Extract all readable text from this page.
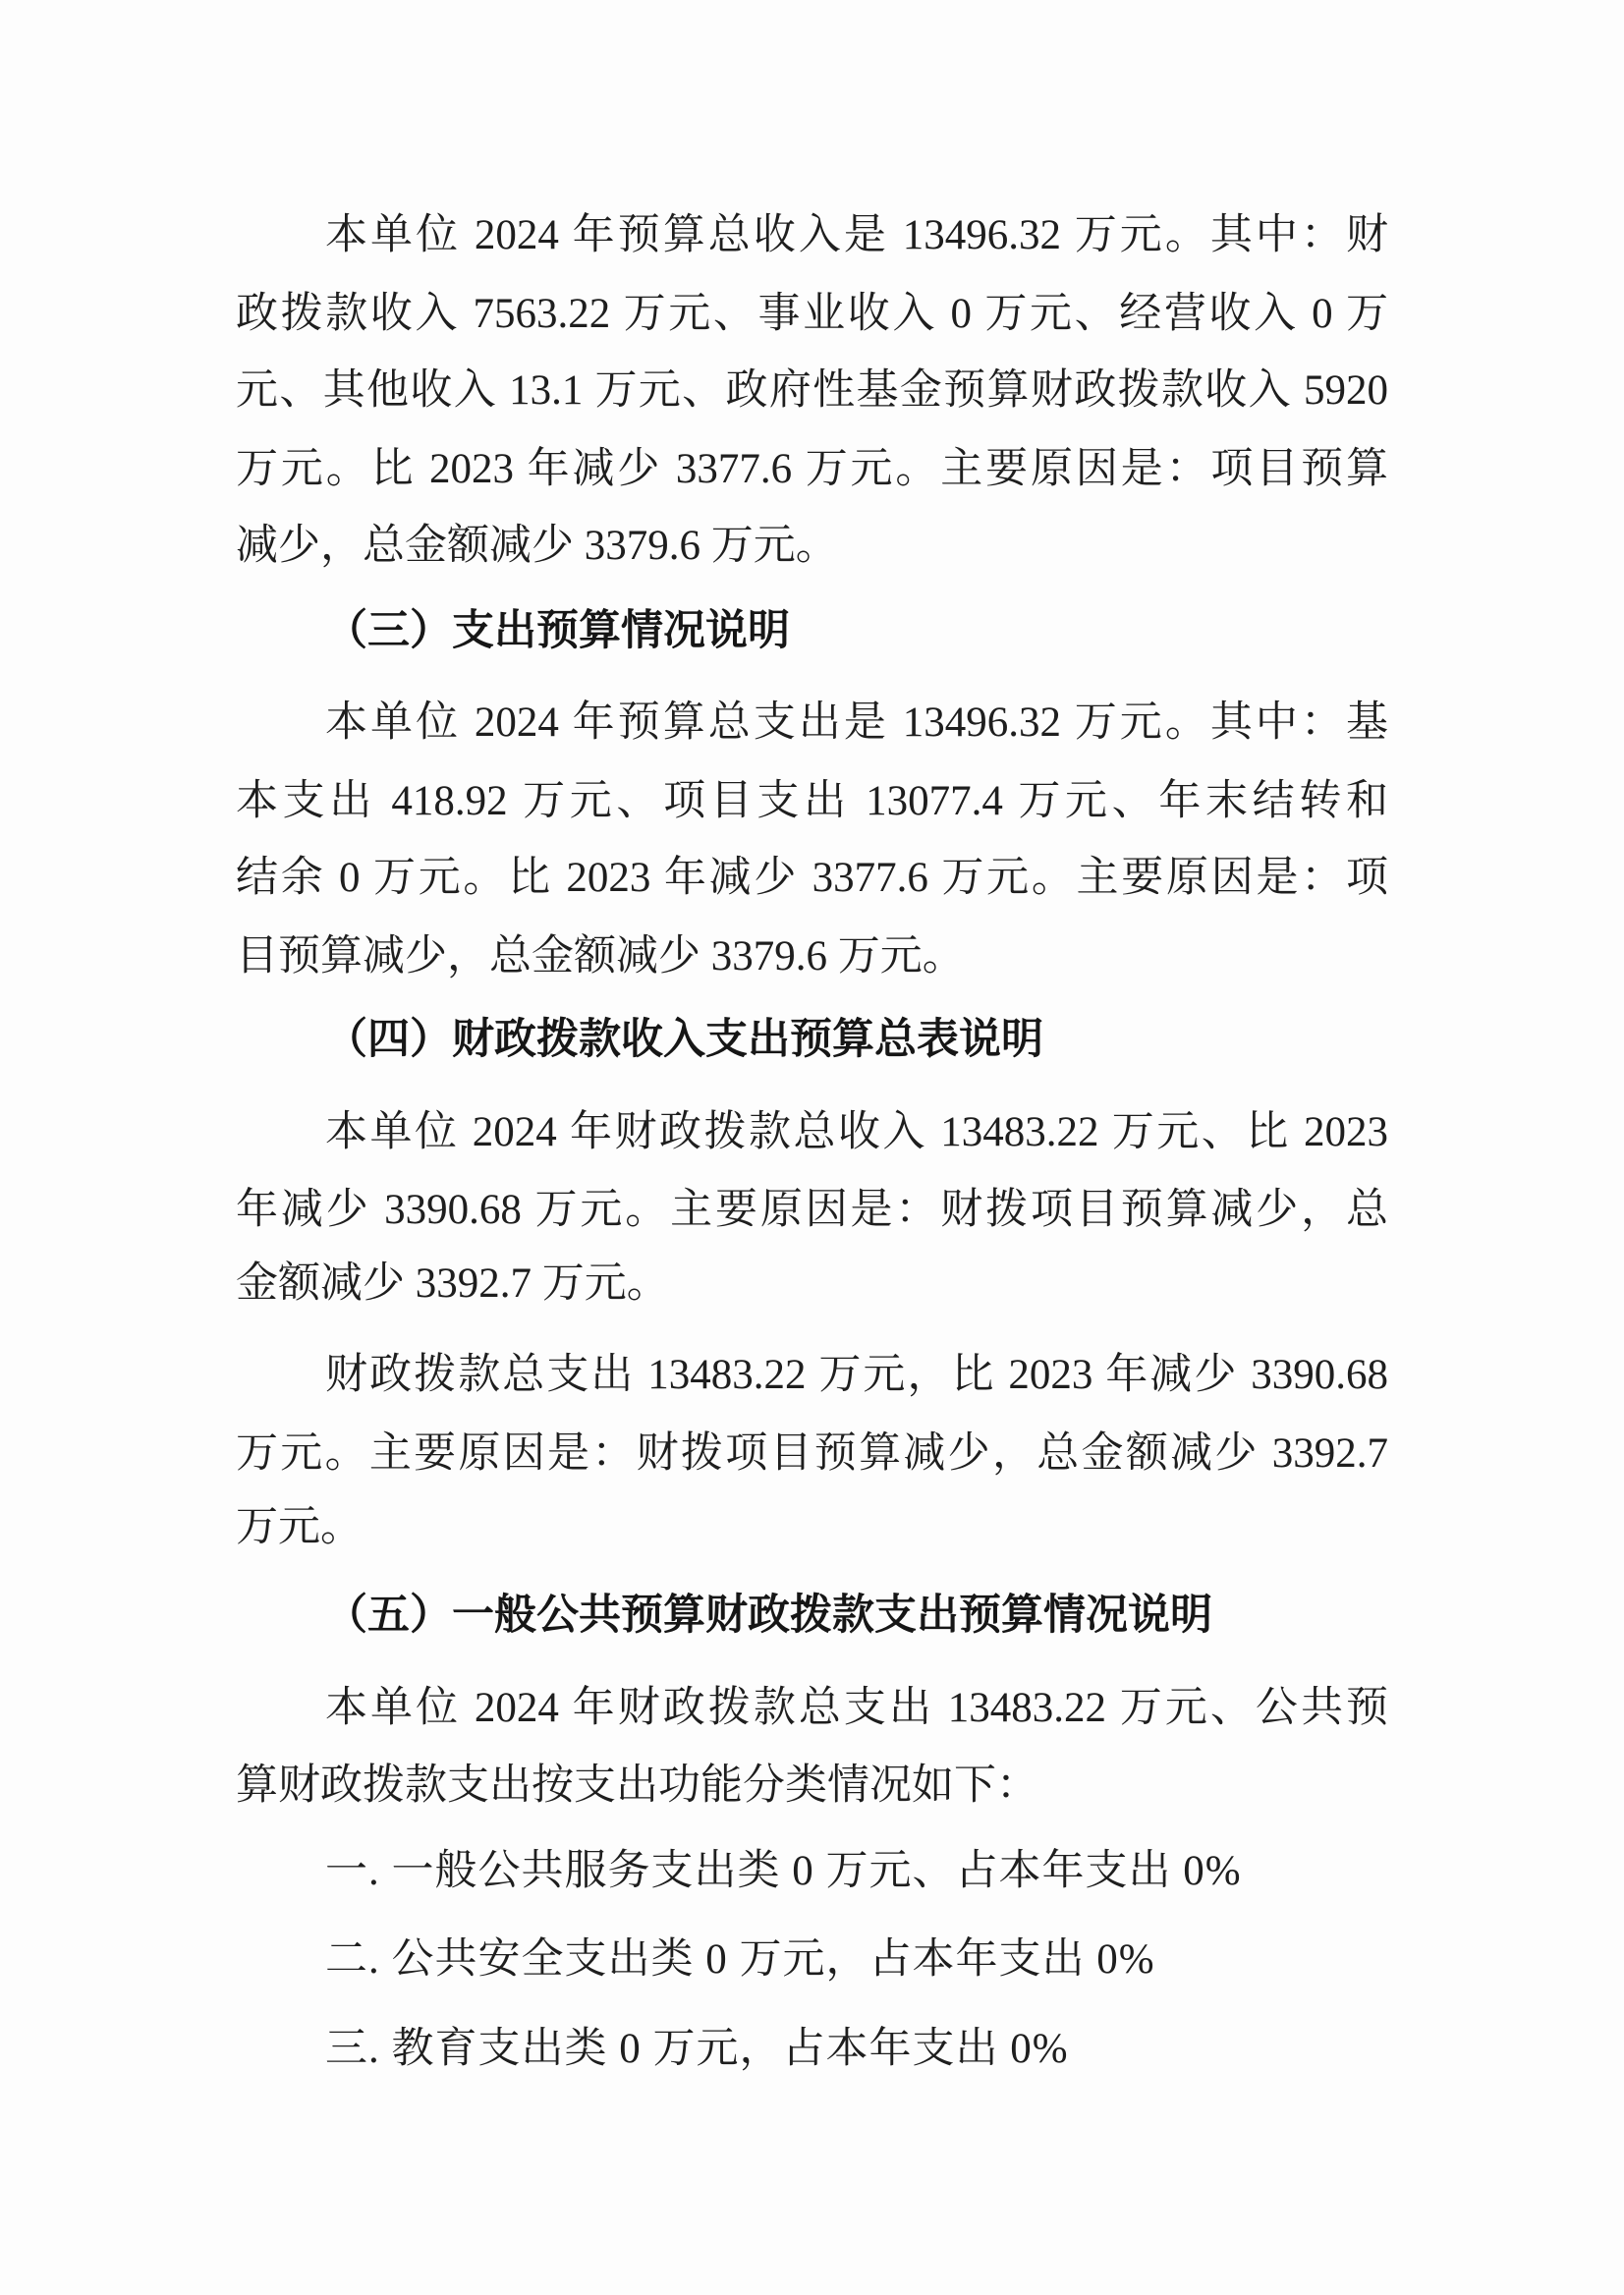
本单位 2024 年预算总收入是 13496.32 万元。其中：财
政拨款收入 7563.22 万元、事业收入 0 万元、经营收入 0 万
元、其他收入 13.1 万元、政府性基金预算财政拨款收入 5920
万元。比 2023 年减少 3377.6 万元。主要原因是：项目预算
减少，总金额减少 3379.6 万元。
（三）支出预算情况说明
本单位 2024 年预算总支出是 13496.32 万元。其中：基
本支出 418.92 万元、项目支出 13077.4 万元、年末结转和
结余 0 万元。比 2023 年减少 3377.6 万元。主要原因是：项
目预算减少，总金额减少 3379.6 万元。
（四）财政拨款收入支出预算总表说明
本单位 2024 年财政拨款总收入 13483.22 万元、比 2023
年减少 3390.68 万元。主要原因是：财拨项目预算减少，总
金额减少 3392.7 万元。
财政拨款总支出 13483.22 万元，比 2023 年减少 3390.68
万元。主要原因是：财拨项目预算减少，总金额减少 3392.7
万元。
（五）一般公共预算财政拨款支出预算情况说明
本单位 2024 年财政拨款总支出 13483.22 万元、公共预
算财政拨款支出按支出功能分类情况如下：
一. 一般公共服务支出类 0 万元、占本年支出 0%
二. 公共安全支出类 0 万元，占本年支出 0%
三. 教育支出类 0 万元，占本年支出 0%
